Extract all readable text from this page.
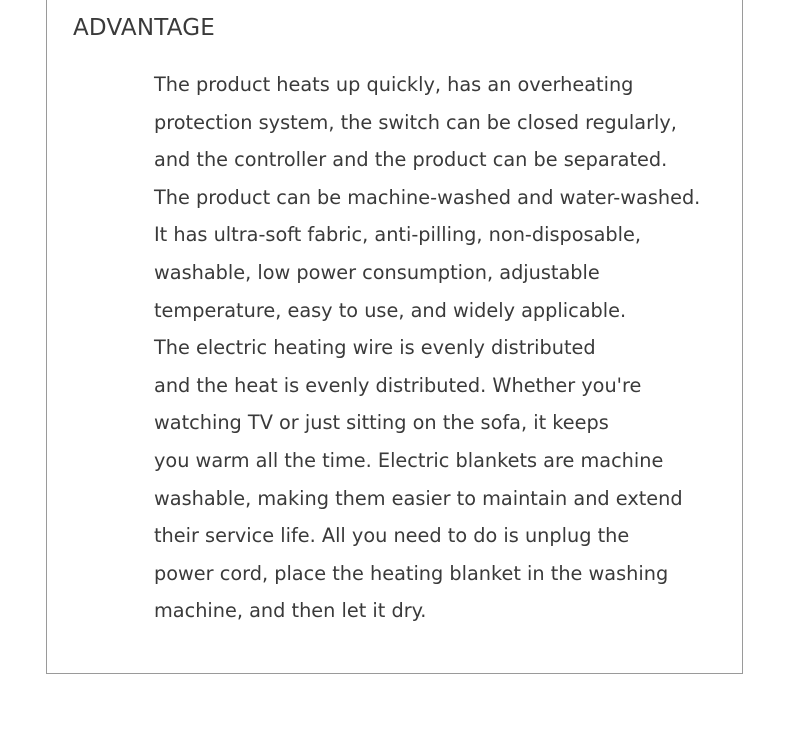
ADVANTAGE
The product heats up quickly, has an overheating
protection system, the switch can be closed regularly,
and the controller and the product can be separated.
The product can be machine-washed and water-washed.
It has ultra-soft fabric, anti-pilling, non-disposable,
washable, low power consumption, adjustable
temperature, easy to use, and widely applicable.
The electric heating wire is evenly distributed
and the heat is evenly distributed. Whether you're
watching TV or just sitting on the sofa, it keeps
you warm all the time. Electric blankets are machine
washable, making them easier to maintain and extend
their service life. All you need to do is unplug the
power cord, place the heating blanket in the washing
machine, and then let it dry.
